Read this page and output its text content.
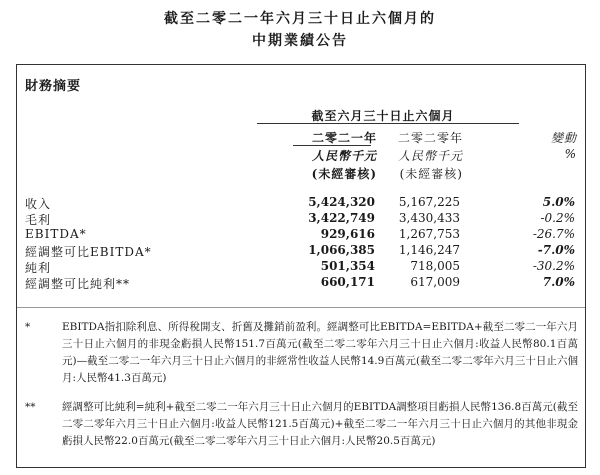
截至二零二一年六月三十日止六個月的
中期業績公告
財務摘要
截至六月三十日止六個月
二零二一年
人民幣千元
(未經審核)
二零二零年
人民幣千元
(未經審核)
變動
%
收入	5,424,320 5,167,225	5.0%
毛利	3,422,749 3,430,433	-0.2%
EBITDA*	929,616 1,267,753	-26.7%
經調整可比EBITDA*	1,066,385 1,146,247	-7.0%
純利	501,354	718,005	-30.2%
經調整可比純利**	660,171	617,009	7.0%
*	EBITDA指扣除利息、所得稅開支、折舊及攤銷前盈利。經調整可比EBITDA=EBITDA+截至二零二一年六月三十日止六個月的非現金虧損人民幣151.7百萬元(截至二零二零年六月三十日止六個月:收益人民幣80.1百萬元)—截至二零二一年六月三十日止六個月的非經常性收益人民幣14.9百萬元(截至二零二零年六月三十日止六個月:人民幣41.3百萬元)
**	經調整可比純利=純利+截至二零二一年六月三十日止六個月的EBITDA調整項目虧損人民幣136.8百萬元(截至二零二零年六月三十日止六個月:收益人民幣121.5百萬元)+截至二零二一年六月三十日止六個月的其他非現金虧損人民幣22.0百萬元(截至二零二零年六月三十日止六個月:人民幣20.5百萬元)
